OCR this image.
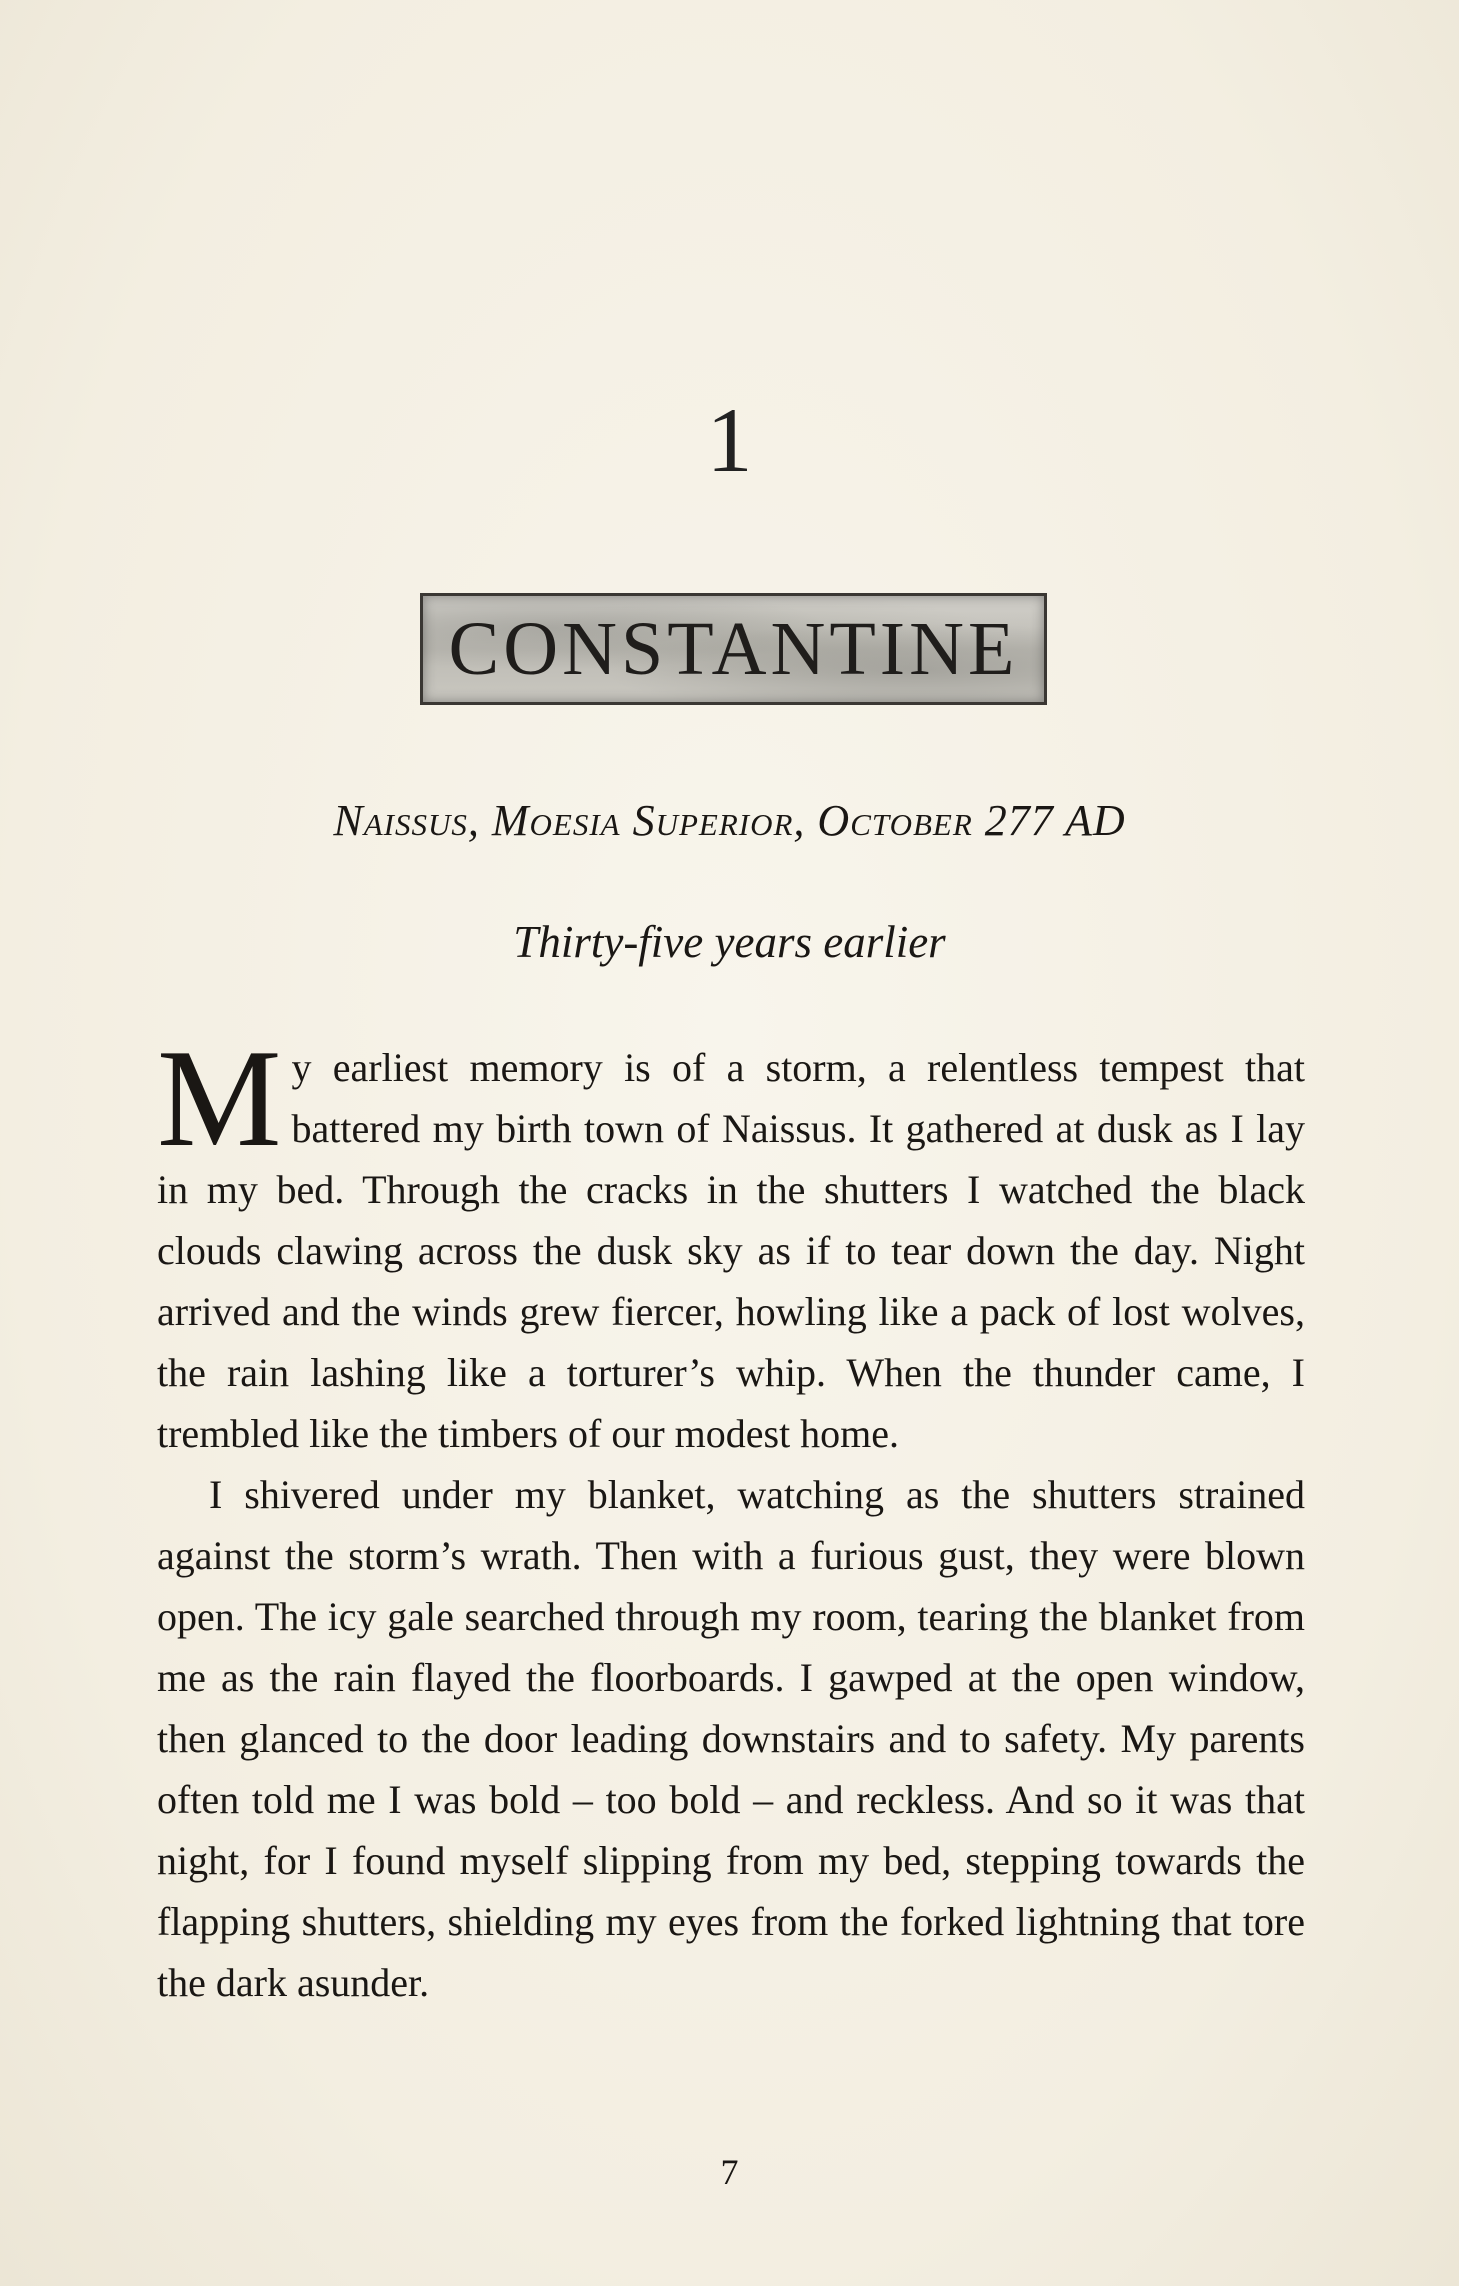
1
CONSTANTINE
Naissus, Moesia Superior, October 277 AD
Thirty-five years earlier

My earliest memory is of a storm, a relentless tempest that battered my birth town of Naissus. It gathered at dusk as I lay in my bed. Through the cracks in the shutters I watched the black clouds clawing across the dusk sky as if to tear down the day. Night arrived and the winds grew fiercer, howling like a pack of lost wolves, the rain lashing like a torturer’s whip. When the thunder came, I trembled like the timbers of our modest home.

I shivered under my blanket, watching as the shutters strained against the storm’s wrath. Then with a furious gust, they were blown open. The icy gale searched through my room, tearing the blanket from me as the rain flayed the floorboards. I gawped at the open window, then glanced to the door leading downstairs and to safety. My parents often told me I was bold – too bold – and reckless. And so it was that night, for I found myself slipping from my bed, stepping towards the flapping shutters, shielding my eyes from the forked lightning that tore the dark asunder.

7
